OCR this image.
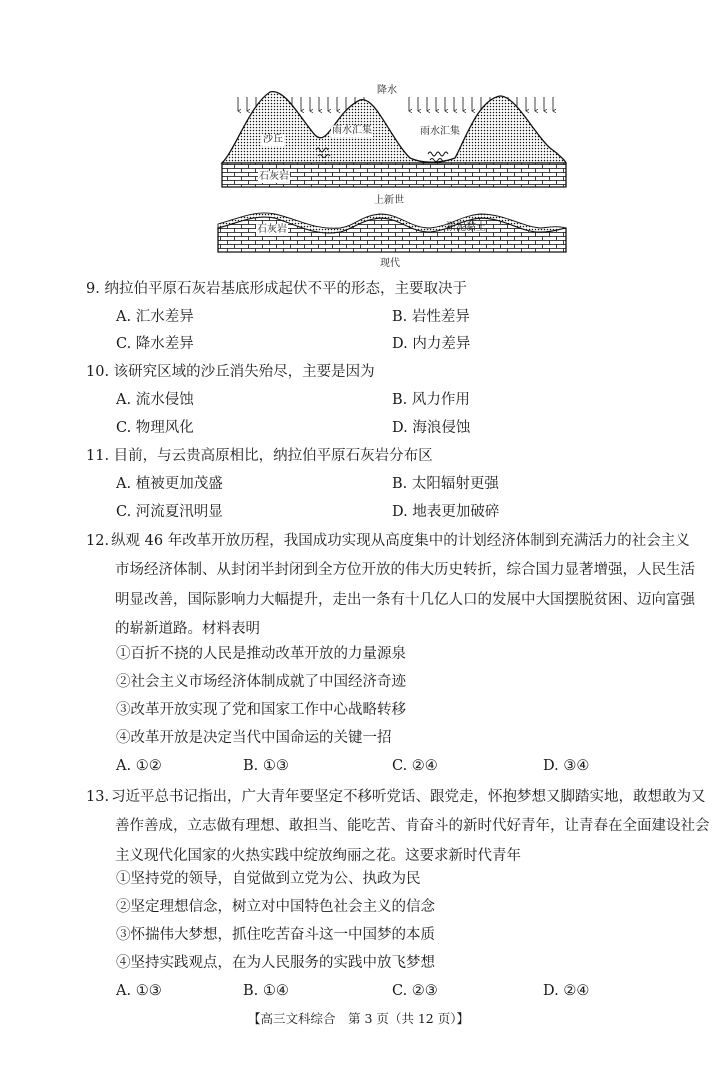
降水
沙丘
雨水汇集	雨水汇集
石灰岩
上新世
石灰岩	淤泥黏土
现代
9. 纳拉伯平原石灰岩基底形成起伏不平的形态，主要取决于
A. 汇水差异	B. 岩性差异
C. 降水差异	D. 内力差异
10. 该研究区域的沙丘消失殆尽，主要是因为
A. 流水侵蚀	B. 风力作用
C. 物理风化	D. 海浪侵蚀
11. 目前，与云贵高原相比，纳拉伯平原石灰岩分布区
A. 植被更加茂盛	B. 太阳辐射更强
C. 河流夏汛明显	D. 地表更加破碎
12. 纵观 46 年改革开放历程，我国成功实现从高度集中的计划经济体制到充满活力的社会主义
市场经济体制、从封闭半封闭到全方位开放的伟大历史转折，综合国力显著增强，人民生活
明显改善，国际影响力大幅提升，走出一条有十几亿人口的发展中大国摆脱贫困、迈向富强
的崭新道路。材料表明
①百折不挠的人民是推动改革开放的力量源泉
②社会主义市场经济体制成就了中国经济奇迹
③改革开放实现了党和国家工作中心战略转移
④改革开放是决定当代中国命运的关键一招
A. ①②	B. ①③	C. ②④	D. ③④
13. 习近平总书记指出，广大青年要坚定不移听党话、跟党走，怀抱梦想又脚踏实地，敢想敢为又
善作善成，立志做有理想、敢担当、能吃苦、肯奋斗的新时代好青年，让青春在全面建设社会
主义现代化国家的火热实践中绽放绚丽之花。这要求新时代青年
①坚持党的领导，自觉做到立党为公、执政为民
②坚定理想信念，树立对中国特色社会主义的信念
③怀揣伟大梦想，抓住吃苦奋斗这一中国梦的本质
④坚持实践观点，在为人民服务的实践中放飞梦想
A. ①③	B. ①④	C. ②③	D. ②④
【高三文科综合　第 3 页（共 12 页）】
